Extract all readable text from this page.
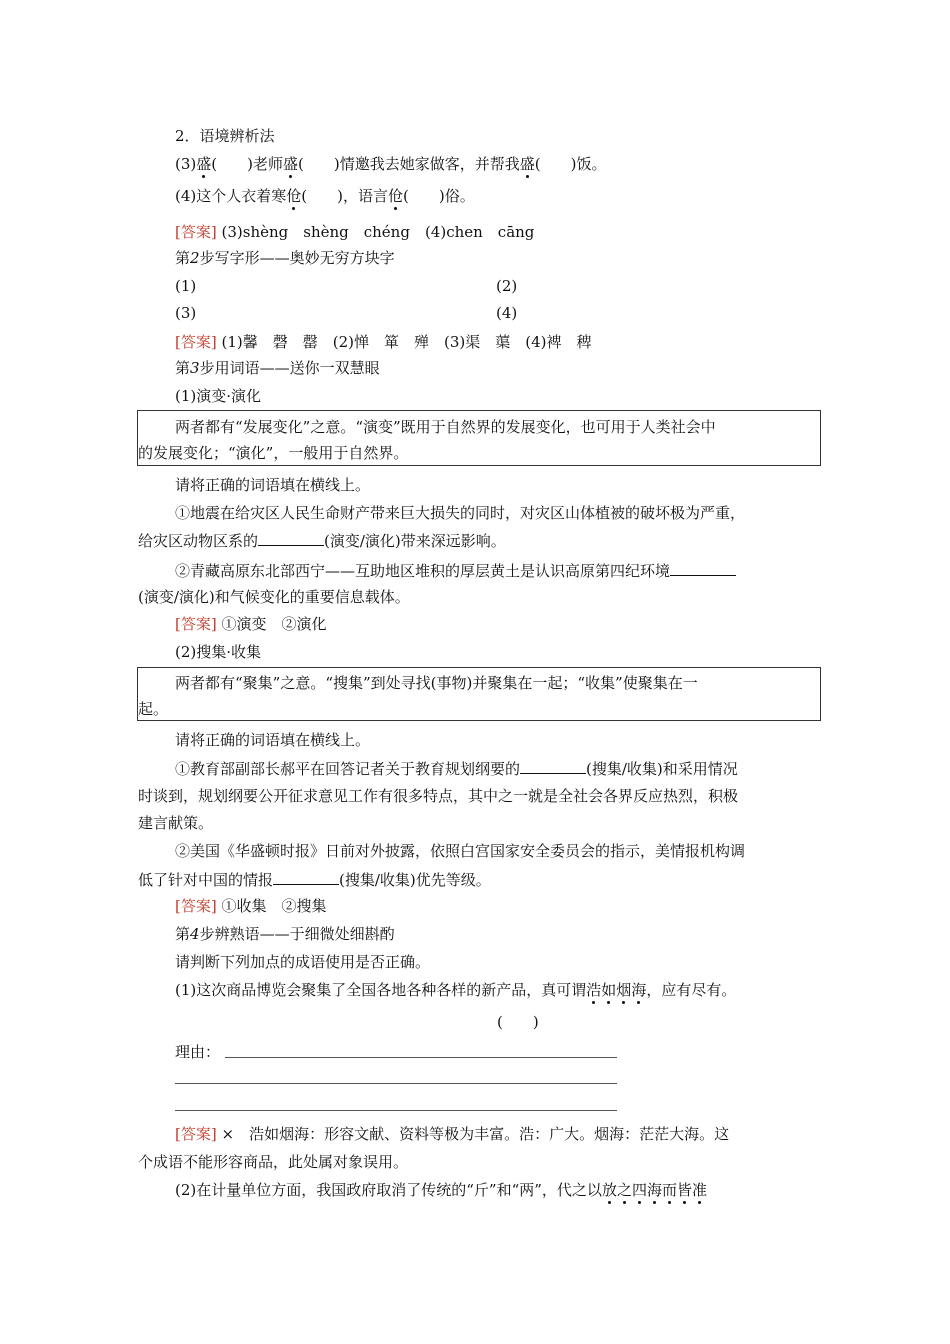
2．语境辨析法
(3)盛(　　)老师盛(　　)情邀我去她家做客，并帮我盛(　　)饭。
(4)这个人衣着寒伧(　　)，语言伧(　　)俗。
[答案] (3)shèng　shèng　chéng　(4)chen　cāng
第2步写字形——奥妙无穷方块字
(1)	(2)
(3)	(4)
[答案] (1)馨　磬　罄　(2)惮　箪　殚　(3)渠　蕖　(4)裨　稗
第3步用词语——送你一双慧眼
(1)演变·演化
两者都有“发展变化”之意。“演变”既用于自然界的发展变化，也可用于人类社会中
的发展变化；“演化”，一般用于自然界。
请将正确的词语填在横线上。
①地震在给灾区人民生命财产带来巨大损失的同时，对灾区山体植被的破坏极为严重，
给灾区动物区系的	(演变/演化)带来深远影响。
②青藏高原东北部西宁——互助地区堆积的厚层黄土是认识高原第四纪环境
(演变/演化)和气候变化的重要信息载体。
[答案] ①演变　②演化
(2)搜集·收集
两者都有“聚集”之意。“搜集”到处寻找(事物)并聚集在一起；“收集”使聚集在一
起。
请将正确的词语填在横线上。
①教育部副部长郝平在回答记者关于教育规划纲要的	(搜集/收集)和采用情况
时谈到，规划纲要公开征求意见工作有很多特点，其中之一就是全社会各界反应热烈，积极
建言献策。
②美国《华盛顿时报》日前对外披露，依照白宫国家安全委员会的指示，美情报机构调
低了针对中国的情报	(搜集/收集)优先等级。
[答案] ①收集　②搜集
第4步辨熟语——于细微处细斟酌
请判断下列加点的成语使用是否正确。
(1)这次商品博览会聚集了全国各地各种各样的新产品，真可谓浩如烟海，应有尽有。
(　　)
理由：
[答案] ×　浩如烟海：形容文献、资料等极为丰富。浩：广大。烟海：茫茫大海。这
个成语不能形容商品，此处属对象误用。
(2)在计量单位方面，我国政府取消了传统的“斤”和“两”，代之以放之四海而皆准
